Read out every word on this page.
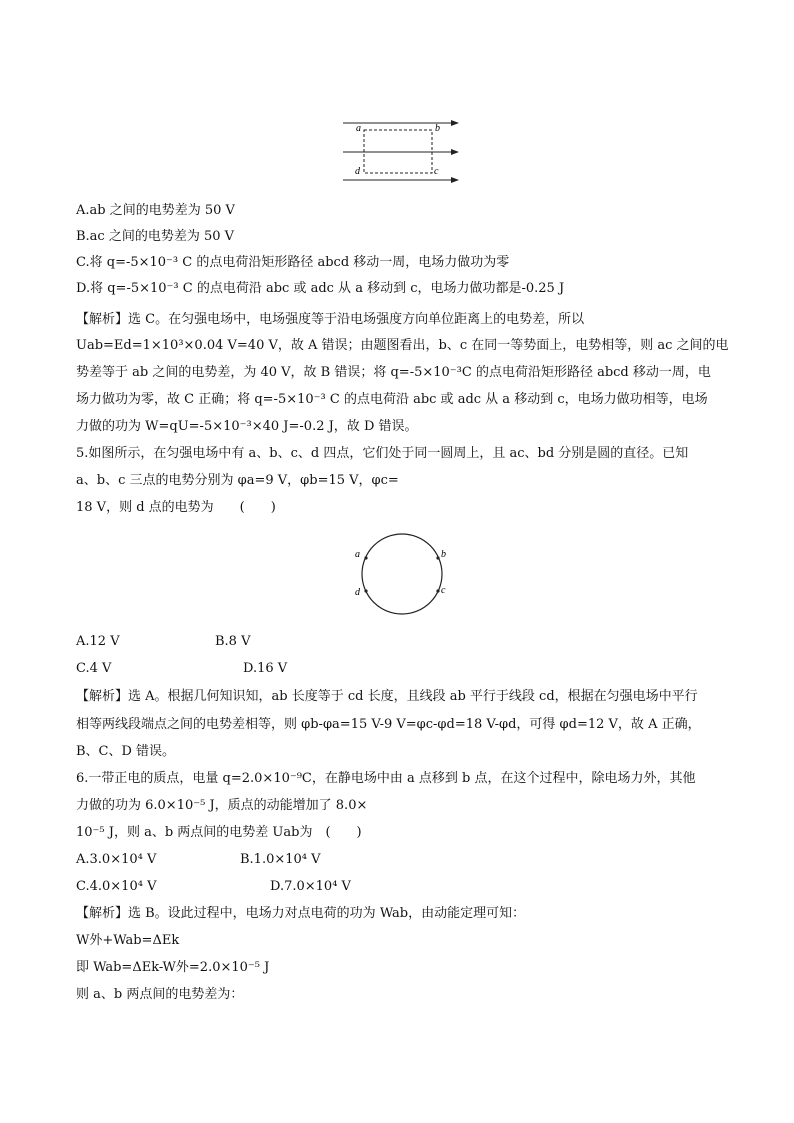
a	b
d	c
A.ab 之间的电势差为 50 V
B.ac 之间的电势差为 50 V
C.将 q=-5×10⁻³ C 的点电荷沿矩形路径 abcd 移动一周，电场力做功为零
D.将 q=-5×10⁻³ C 的点电荷沿 abc 或 adc 从 a 移动到 c，电场力做功都是-0.25 J
【解析】选 C。在匀强电场中，电场强度等于沿电场强度方向单位距离上的电势差，所以
Uab=Ed=1×10³×0.04 V=40 V，故 A 错误；由题图看出，b、c 在同一等势面上，电势相等，则 ac 之间的电
势差等于 ab 之间的电势差，为 40 V，故 B 错误；将 q=-5×10⁻³C 的点电荷沿矩形路径 abcd 移动一周，电
场力做功为零，故 C 正确；将 q=-5×10⁻³ C 的点电荷沿 abc 或 adc 从 a 移动到 c，电场力做功相等，电场
力做的功为 W=qU=-5×10⁻³×40 J=-0.2 J，故 D 错误。
5.如图所示，在匀强电场中有 a、b、c、d 四点，它们处于同一圆周上，且 ac、bd 分别是圆的直径。已知
a、b、c 三点的电势分别为 φa=9 V，φb=15 V，φc=
18 V，则 d 点的电势为　　(　　)
a	b
c
d
A.12 V	B.8 V
C.4 V	D.16 V
【解析】选 A。根据几何知识知，ab 长度等于 cd 长度，且线段 ab 平行于线段 cd，根据在匀强电场中平行
相等两线段端点之间的电势差相等，则 φb-φa=15 V-9 V=φc-φd=18 V-φd，可得 φd=12 V，故 A 正确，
B、C、D 错误。
6.一带正电的质点，电量 q=2.0×10⁻⁹C，在静电场中由 a 点移到 b 点，在这个过程中，除电场力外，其他
力做的功为 6.0×10⁻⁵ J，质点的动能增加了 8.0×
10⁻⁵ J，则 a、b 两点间的电势差 Uab为　(　　)
A.3.0×10⁴ V	B.1.0×10⁴ V
C.4.0×10⁴ V	D.7.0×10⁴ V
【解析】选 B。设此过程中，电场力对点电荷的功为 Wab，由动能定理可知：
W外+Wab=ΔEk
即 Wab=ΔEk-W外=2.0×10⁻⁵ J
则 a、b 两点间的电势差为：
